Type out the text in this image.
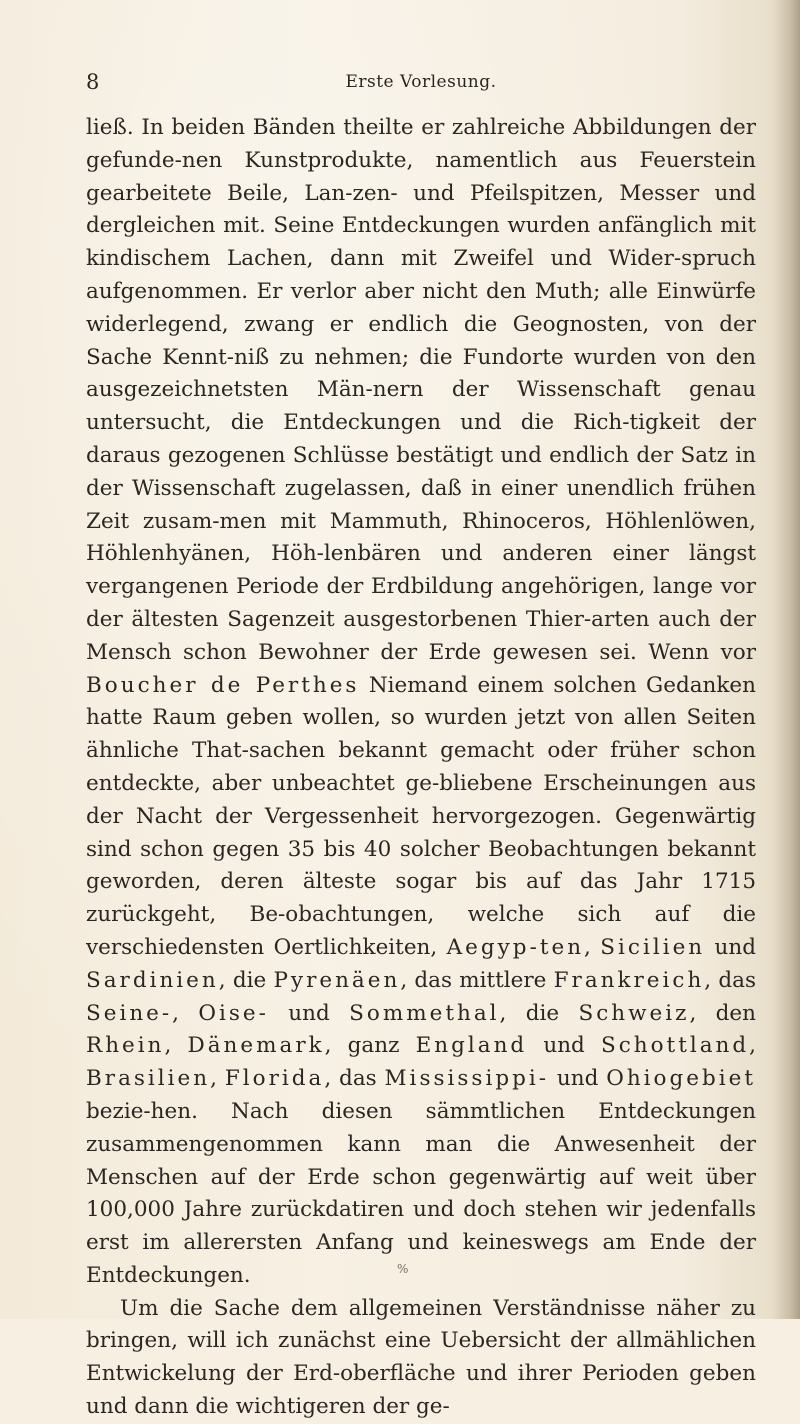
8	Erste Vorlesung.

ließ. In beiden Bänden theilte er zahlreiche Abbildungen der gefunde-nen Kunstprodukte, namentlich aus Feuerstein gearbeitete Beile, Lan-zen- und Pfeilspitzen, Messer und dergleichen mit. Seine Entdeckungen wurden anfänglich mit kindischem Lachen, dann mit Zweifel und Wider-spruch aufgenommen. Er verlor aber nicht den Muth; alle Einwürfe widerlegend, zwang er endlich die Geognosten, von der Sache Kennt-niß zu nehmen; die Fundorte wurden von den ausgezeichnetsten Män-nern der Wissenschaft genau untersucht, die Entdeckungen und die Rich-tigkeit der daraus gezogenen Schlüsse bestätigt und endlich der Satz in der Wissenschaft zugelassen, daß in einer unendlich frühen Zeit zusam-men mit Mammuth, Rhinoceros, Höhlenlöwen, Höhlenhyänen, Höh-lenbären und anderen einer längst vergangenen Periode der Erdbildung angehörigen, lange vor der ältesten Sagenzeit ausgestorbenen Thier-arten auch der Mensch schon Bewohner der Erde gewesen sei. Wenn vor Boucher de Perthes Niemand einem solchen Gedanken hatte Raum geben wollen, so wurden jetzt von allen Seiten ähnliche That-sachen bekannt gemacht oder früher schon entdeckte, aber unbeachtet ge-bliebene Erscheinungen aus der Nacht der Vergessenheit hervorgezogen. Gegenwärtig sind schon gegen 35 bis 40 solcher Beobachtungen bekannt geworden, deren älteste sogar bis auf das Jahr 1715 zurückgeht, Be-obachtungen, welche sich auf die verschiedensten Oertlichkeiten, Aegyp-ten, Sicilien und Sardinien, die Pyrenäen, das mittlere Frankreich, das Seine-, Oise- und Sommethal, die Schweiz, den Rhein, Dänemark, ganz England und Schottland, Brasilien, Florida, das Mississippi- und Ohiogebiet bezie-hen. Nach diesen sämmtlichen Entdeckungen zusammengenommen kann man die Anwesenheit der Menschen auf der Erde schon gegenwärtig auf weit über 100,000 Jahre zurückdatiren und doch stehen wir jedenfalls erst im allerersten Anfang und keineswegs am Ende der Entdeckungen.

Um die Sache dem allgemeinen Verständnisse näher zu bringen, will ich zunächst eine Uebersicht der allmählichen Entwickelung der Erd-oberfläche und ihrer Perioden geben und dann die wichtigeren der ge-

%
